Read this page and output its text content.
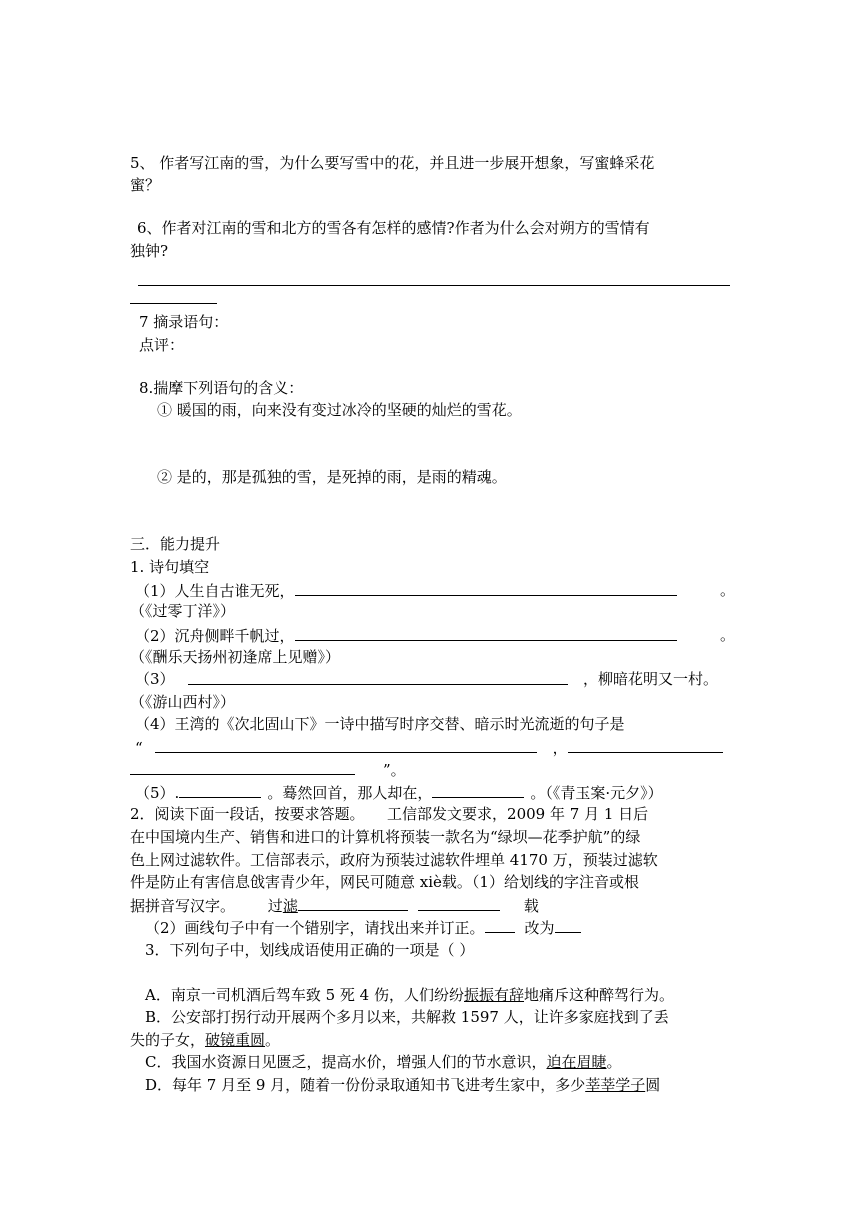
5、 作者写江南的雪，为什么要写雪中的花，并且进一步展开想象，写蜜蜂采花
蜜？
6、作者对江南的雪和北方的雪各有怎样的感情?作者为什么会对朔方的雪情有
独钟?
7 摘录语句：
点评：
8.揣摩下列语句的含义：
① 暖国的雨，向来没有变过冰冷的坚硬的灿烂的雪花。
② 是的，那是孤独的雪，是死掉的雨，是雨的精魂。
三．能力提升
1. 诗句填空
（1）人生自古谁无死，	。
（《过零丁洋》）
（2）沉舟侧畔千帆过，	。
（《酬乐天扬州初逢席上见赠》）
（3）	，柳暗花明又一村。
（《游山西村》）
（4）王湾的《次北固山下》一诗中描写时序交替、暗示时光流逝的句子是
“	，
”。
（5）.	。蓦然回首，那人却在，	。（《青玉案·元夕》）
2．阅读下面一段话，按要求答题。　　工信部发文要求，2009 年 7 月 1 日后
在中国境内生产、销售和进口的计算机将预装一款名为“绿坝—花季护航”的绿
色上网过滤软件。工信部表示，政府为预装过滤软件埋单 4170 万，预装过滤软
件是防止有害信息戗害青少年，网民可随意 xiè载。（1）给划线的字注音或根
据拼音写汉字。 过滤	载
（2）画线句子中有一个错别字，请找出来并订正。	改为
3．下列句子中，划线成语使用正确的一项是（ ）
A．南京一司机酒后驾车致 5 死 4 伤，人们纷纷振振有辞地痛斥这种醉驾行为。
B．公安部打拐行动开展两个多月以来，共解救 1597 人，让许多家庭找到了丢
失的子女，破镜重圆。
C．我国水资源日见匮乏，提高水价，增强人们的节水意识，迫在眉睫。
D．每年 7 月至 9 月，随着一份份录取通知书飞进考生家中，多少莘莘学子圆
